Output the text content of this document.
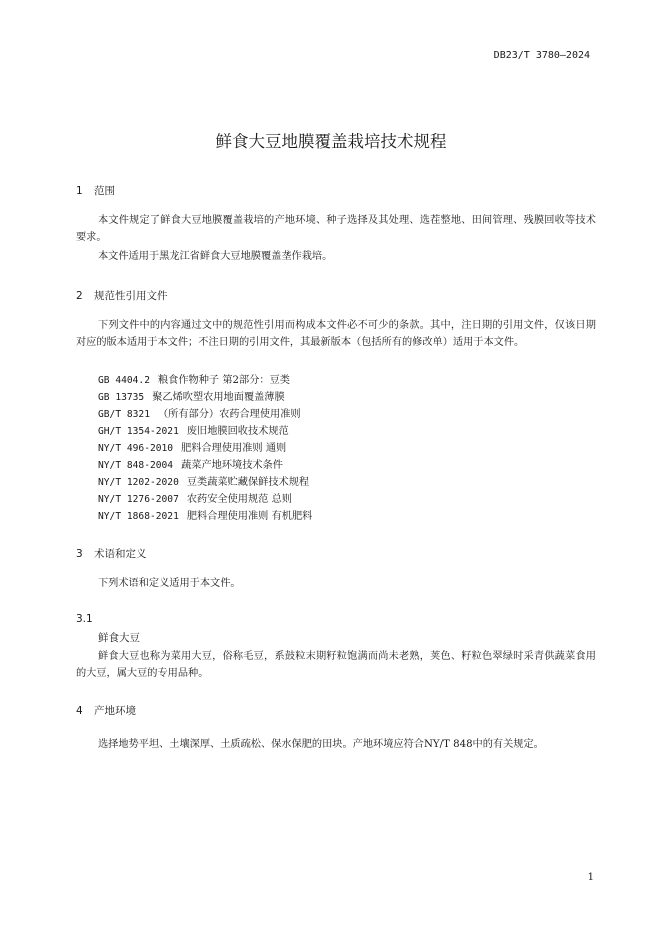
DB23/T 3780—2024
鲜食大豆地膜覆盖栽培技术规程
1 范围
本文件规定了鲜食大豆地膜覆盖栽培的产地环境、种子选择及其处理、选茬整地、田间管理、残膜回收等技术要求。
本文件适用于黑龙江省鲜食大豆地膜覆盖垄作栽培。
2 规范性引用文件
下列文件中的内容通过文中的规范性引用而构成本文件必不可少的条款。其中，注日期的引用文件，仅该日期对应的版本适用于本文件；不注日期的引用文件，其最新版本（包括所有的修改单）适用于本文件。
GB 4404.2 粮食作物种子 第2部分：豆类
GB 13735 聚乙烯吹塑农用地面覆盖薄膜
GB/T 8321 （所有部分）农药合理使用准则
GH/T 1354-2021 废旧地膜回收技术规范
NY/T 496-2010 肥料合理使用准则 通则
NY/T 848-2004 蔬菜产地环境技术条件
NY/T 1202-2020 豆类蔬菜贮藏保鲜技术规程
NY/T 1276-2007 农药安全使用规范 总则
NY/T 1868-2021 肥料合理使用准则 有机肥料
3 术语和定义
下列术语和定义适用于本文件。
3.1
鲜食大豆
鲜食大豆也称为菜用大豆，俗称毛豆，系鼓粒末期籽粒饱满而尚未老熟，荚色、籽粒色翠绿时采青供蔬菜食用的大豆，属大豆的专用品种。
4 产地环境
选择地势平坦、土壤深厚、土质疏松、保水保肥的田块。产地环境应符合NY/T 848中的有关规定。
1
